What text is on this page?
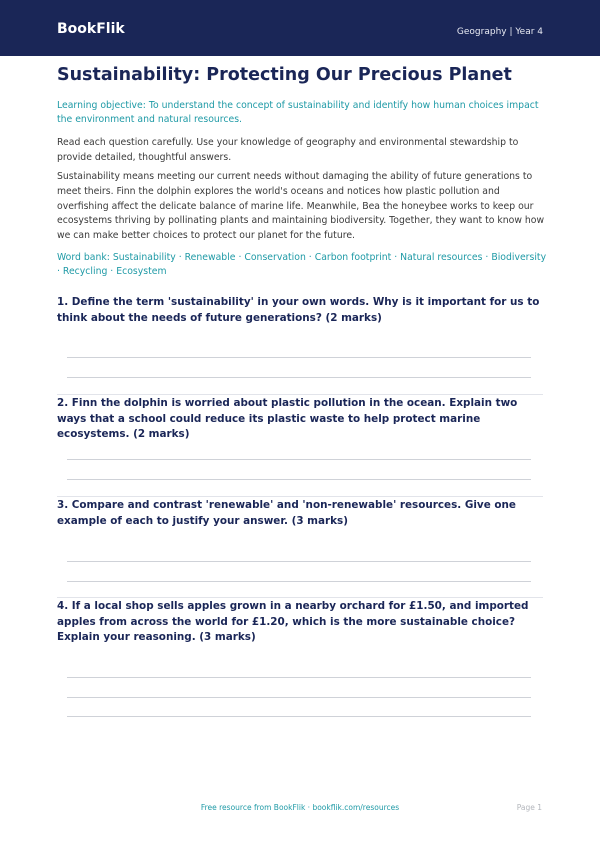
BookFlik	Geography | Year 4
Sustainability: Protecting Our Precious Planet
Learning objective: To understand the concept of sustainability and identify how human choices impact the environment and natural resources.
Read each question carefully. Use your knowledge of geography and environmental stewardship to provide detailed, thoughtful answers.
Sustainability means meeting our current needs without damaging the ability of future generations to meet theirs. Finn the dolphin explores the world's oceans and notices how plastic pollution and overfishing affect the delicate balance of marine life. Meanwhile, Bea the honeybee works to keep our ecosystems thriving by pollinating plants and maintaining biodiversity. Together, they want to know how we can make better choices to protect our planet for the future.
Word bank: Sustainability · Renewable · Conservation · Carbon footprint · Natural resources · Biodiversity · Recycling · Ecosystem
1. Define the term 'sustainability' in your own words. Why is it important for us to think about the needs of future generations? (2 marks)
2. Finn the dolphin is worried about plastic pollution in the ocean. Explain two ways that a school could reduce its plastic waste to help protect marine ecosystems. (2 marks)
3. Compare and contrast 'renewable' and 'non-renewable' resources. Give one example of each to justify your answer. (3 marks)
4. If a local shop sells apples grown in a nearby orchard for £1.50, and imported apples from across the world for £1.20, which is the more sustainable choice? Explain your reasoning. (3 marks)
Free resource from BookFlik · bookflik.com/resources	Page 1
